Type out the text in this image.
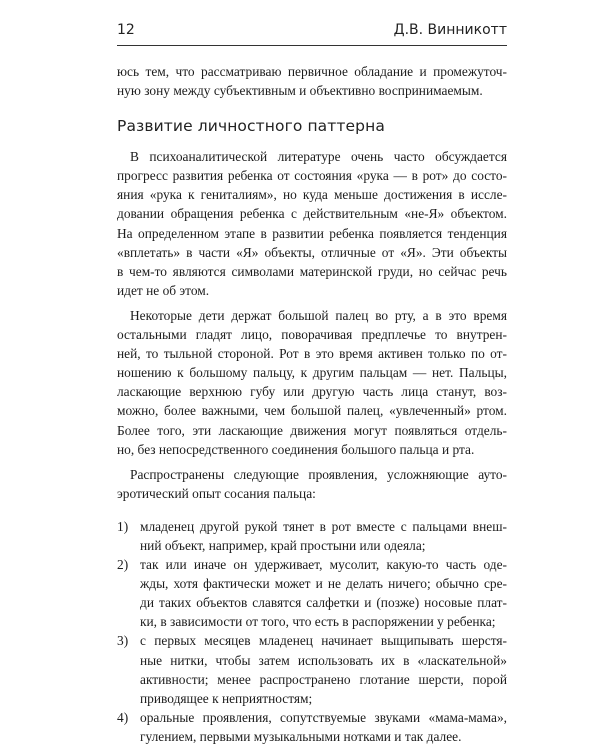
12	Д.В. Винникотт
юсь тем, что рассматриваю первичное обладание и промежуточ-
ную зону между субъективным и объективно воспринимаемым.
Развитие личностного паттерна
В психоаналитической литературе очень часто обсуждается
прогресс развития ребенка от состояния «рука — в рот» до состо-
яния «рука к гениталиям», но куда меньше достижения в иссле-
довании обращения ребенка с действительным «не-Я» объектом.
На определенном этапе в развитии ребенка появляется тенденция
«вплетать» в части «Я» объекты, отличные от «Я». Эти объекты
в чем-то являются символами материнской груди, но сейчас речь
идет не об этом.
Некоторые дети держат большой палец во рту, а в это время
остальными гладят лицо, поворачивая предплечье то внутрен-
ней, то тыльной стороной. Рот в это время активен только по от-
ношению к большому пальцу, к другим пальцам — нет. Пальцы,
ласкающие верхнюю губу или другую часть лица станут, воз-
можно, более важными, чем большой палец, «увлеченный» ртом.
Более того, эти ласкающие движения могут появляться отдель-
но, без непосредственного соединения большого пальца и рта.
Распространены следующие проявления, усложняющие ауто-
эротический опыт сосания пальца:
1) младенец другой рукой тянет в рот вместе с пальцами внеш-
ний объект, например, край простыни или одеяла;
2) так или иначе он удерживает, мусолит, какую-то часть оде-
жды, хотя фактически может и не делать ничего; обычно сре-
ди таких объектов славятся салфетки и (позже) носовые плат-
ки, в зависимости от того, что есть в распоряжении у ребенка;
3) с первых месяцев младенец начинает выщипывать шерстя-
ные нитки, чтобы затем использовать их в «ласкательной»
активности; менее распространено глотание шерсти, порой
приводящее к неприятностям;
4) оральные проявления, сопутствуемые звуками «мама-мама»,
гулением, первыми музыкальными нотками и так далее.
